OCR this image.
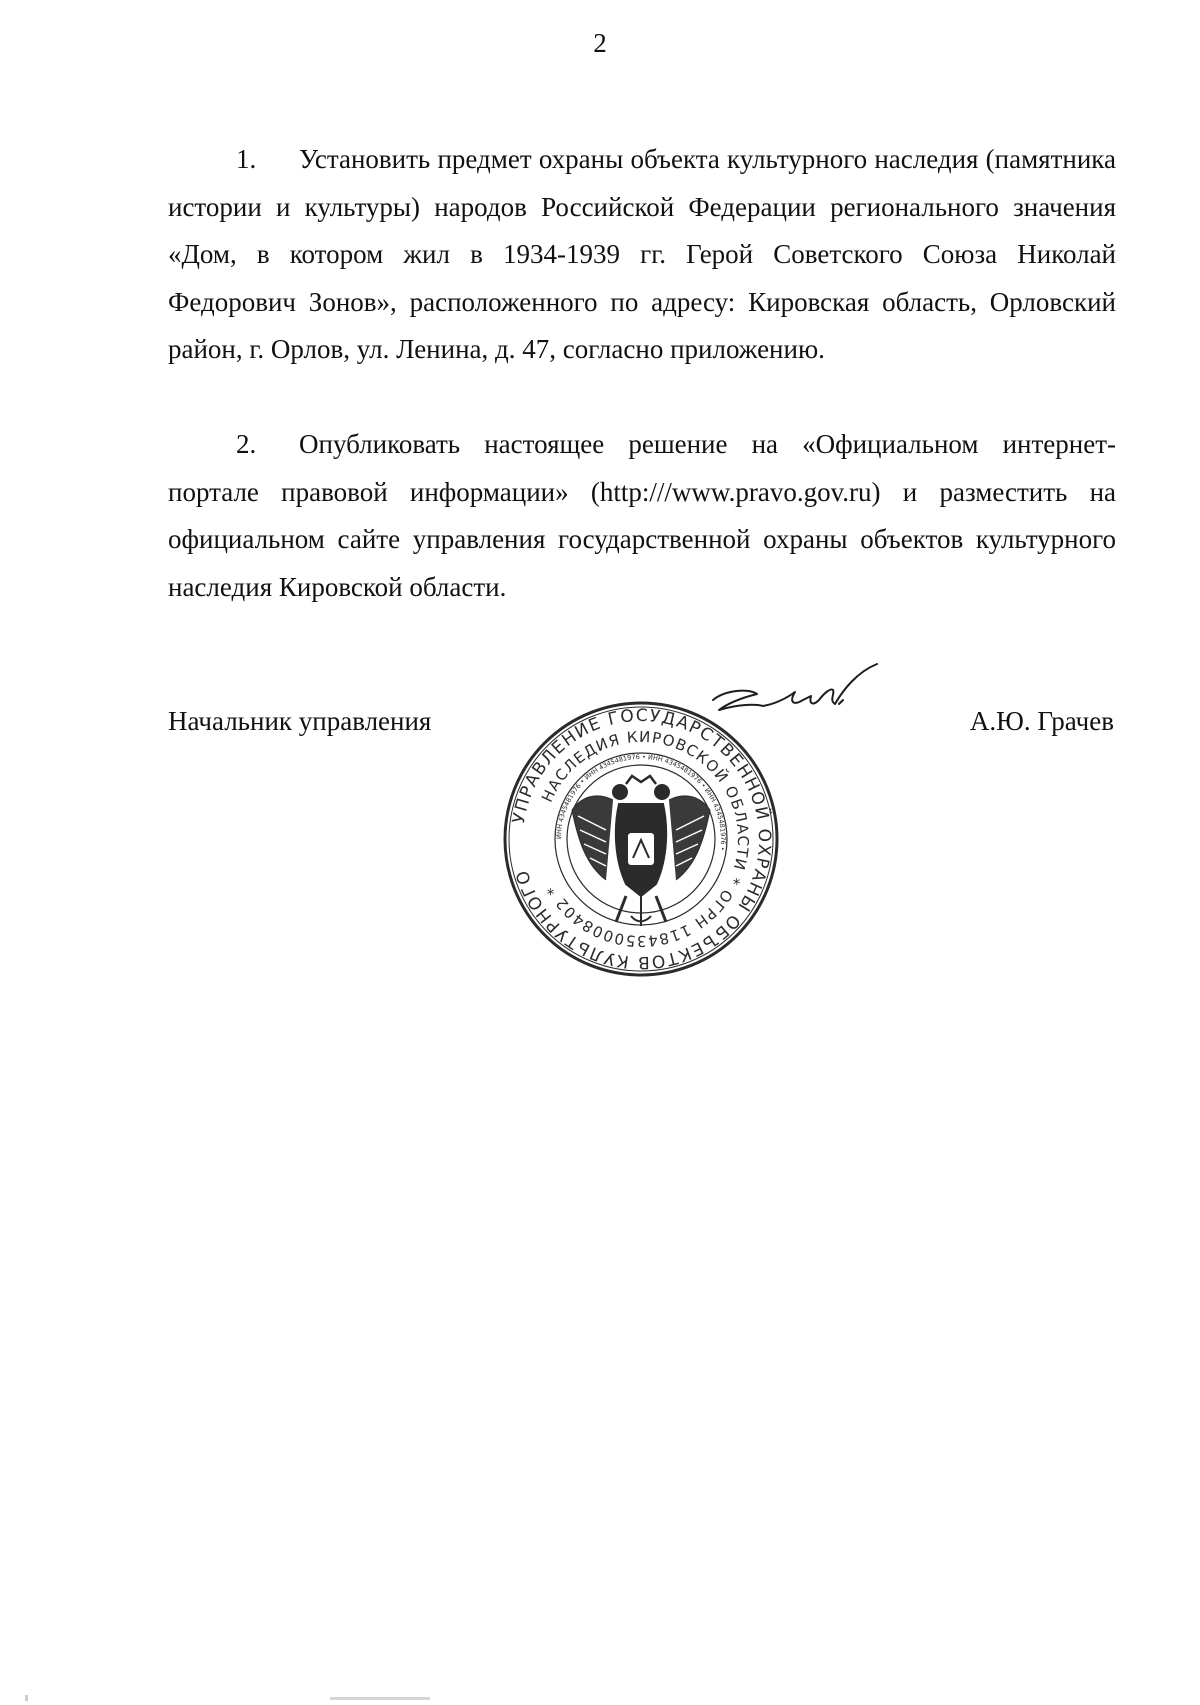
2

1. Установить предмет охраны объекта культурного наследия (памятника истории и культуры) народов Российской Федерации регионального значения «Дом, в котором жил в 1934-1939 гг. Герой Советского Союза Николай Федорович Зонов», расположенного по адресу: Кировская область, Орловский район, г. Орлов, ул. Ленина, д. 47, согласно приложению.

2. Опубликовать настоящее решение на «Официальном интернет-портале правовой информации» (http:///www.pravo.gov.ru) и разместить на официальном сайте управления государственной охраны объектов культурного наследия Кировской области.

Начальник управления	А.Ю. Грачев
УПРАВЛЕНИЕ ГОСУДАРСТВЕННОЙ ОХРАНЫ ОБЪЕКТОВ КУЛЬТУРНОГО
НАСЛЕДИЯ КИРОВСКОЙ ОБЛАСТИ * ОГРН 1184350008402 *
ИНН 4345481976 • ИНН 4345481976 • ИНН 4345481976 • ИНН 4345481976 •
